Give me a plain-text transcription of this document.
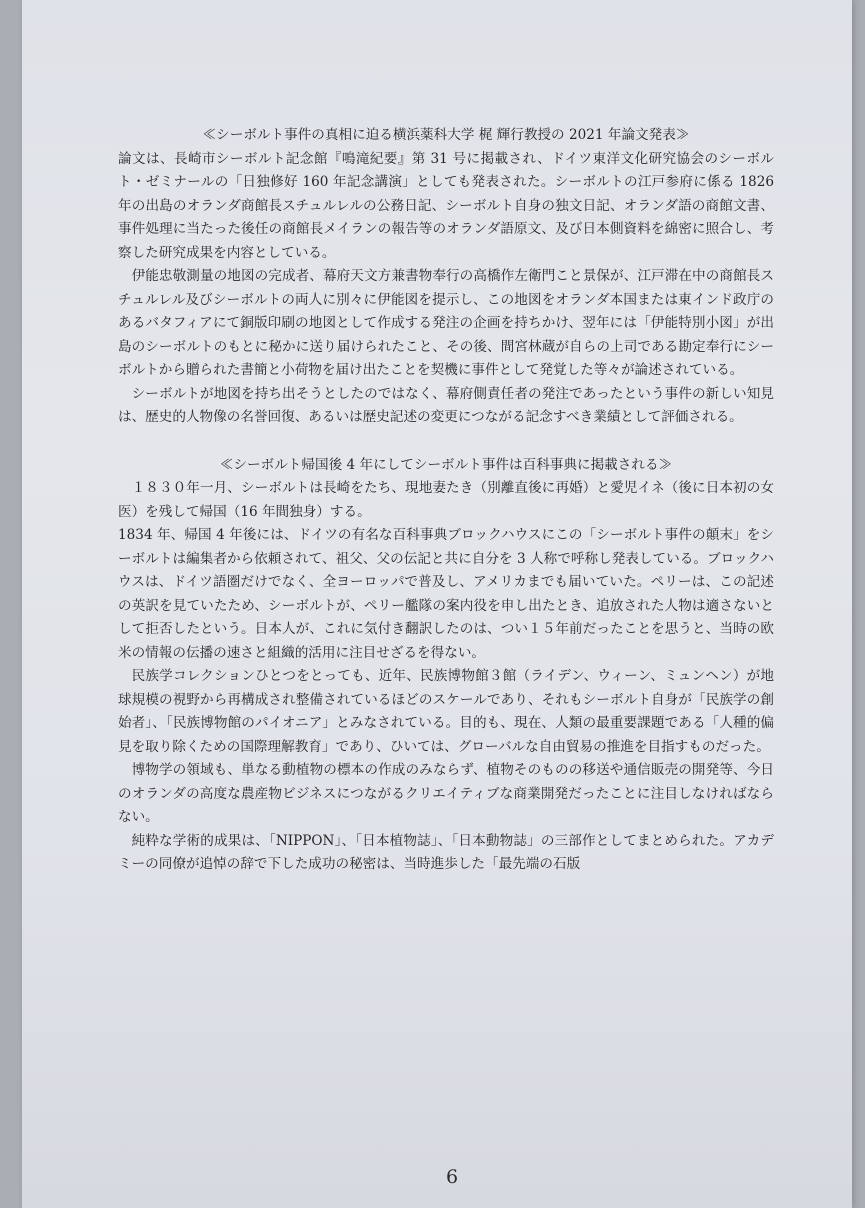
≪シーボルト事件の真相に迫る横浜薬科大学 梶 輝行教授の 2021 年論文発表≫

論文は、長崎市シーボルト記念館『鳴滝紀要』第 31 号に掲載され、ドイツ東洋文化研究協会のシーボルト・ゼミナールの「日独修好 160 年記念講演」としても発表された。シーボルトの江戸参府に係る 1826 年の出島のオランダ商館長スチュルレルの公務日記、シーボルト自身の独文日記、オランダ語の商館文書、事件処理に当たった後任の商館長メイランの報告等のオランダ語原文、及び日本側資料を綿密に照合し、考察した研究成果を内容としている。

伊能忠敬測量の地図の完成者、幕府天文方兼書物奉行の高橋作左衛門こと景保が、江戸滞在中の商館長スチュルレル及びシーボルトの両人に別々に伊能図を提示し、この地図をオランダ本国または東インド政庁のあるバタフィアにて銅版印刷の地図として作成する発注の企画を持ちかけ、翌年には「伊能特別小図」が出島のシーボルトのもとに秘かに送り届けられたこと、その後、間宮林蔵が自らの上司である勘定奉行にシーボルトから贈られた書簡と小荷物を届け出たことを契機に事件として発覚した等々が論述されている。

シーボルトが地図を持ち出そうとしたのではなく、幕府側責任者の発注であったという事件の新しい知見は、歴史的人物像の名誉回復、あるいは歴史記述の変更につながる記念すべき業績として評価される。

≪シーボルト帰国後 4 年にしてシーボルト事件は百科事典に掲載される≫

１８３０年一月、シーボルトは長崎をたち、現地妻たき（別離直後に再婚）と愛児イネ（後に日本初の女医）を残して帰国（16 年間独身）する。

1834 年、帰国 4 年後には、ドイツの有名な百科事典ブロックハウスにこの「シーボルト事件の顛末」をシーボルトは編集者から依頼されて、祖父、父の伝記と共に自分を 3 人称で呼称し発表している。ブロックハウスは、ドイツ語圏だけでなく、全ヨーロッパで普及し、アメリカまでも届いていた。ペリーは、この記述の英訳を見ていたため、シーボルトが、ペリー艦隊の案内役を申し出たとき、追放された人物は適さないとして拒否したという。日本人が、これに気付き翻訳したのは、つい１５年前だったことを思うと、当時の欧米の情報の伝播の速さと組織的活用に注目せざるを得ない。

民族学コレクションひとつをとっても、近年、民族博物館３館（ライデン、ウィーン、ミュンヘン）が地球規模の視野から再構成され整備されているほどのスケールであり、それもシーボルト自身が「民族学の創始者」、「民族博物館のパイオニア」とみなされている。目的も、現在、人類の最重要課題である「人種的偏見を取り除くための国際理解教育」であり、ひいては、グローバルな自由貿易の推進を目指すものだった。

博物学の領域も、単なる動植物の標本の作成のみならず、植物そのものの移送や通信販売の開発等、今日のオランダの高度な農産物ビジネスにつながるクリエイティブな商業開発だったことに注目しなければならない。

純粋な学術的成果は、「NIPPON」、「日本植物誌」、「日本動物誌」の三部作としてまとめられた。アカデミーの同僚が追悼の辞で下した成功の秘密は、当時進歩した「最先端の石版

6
